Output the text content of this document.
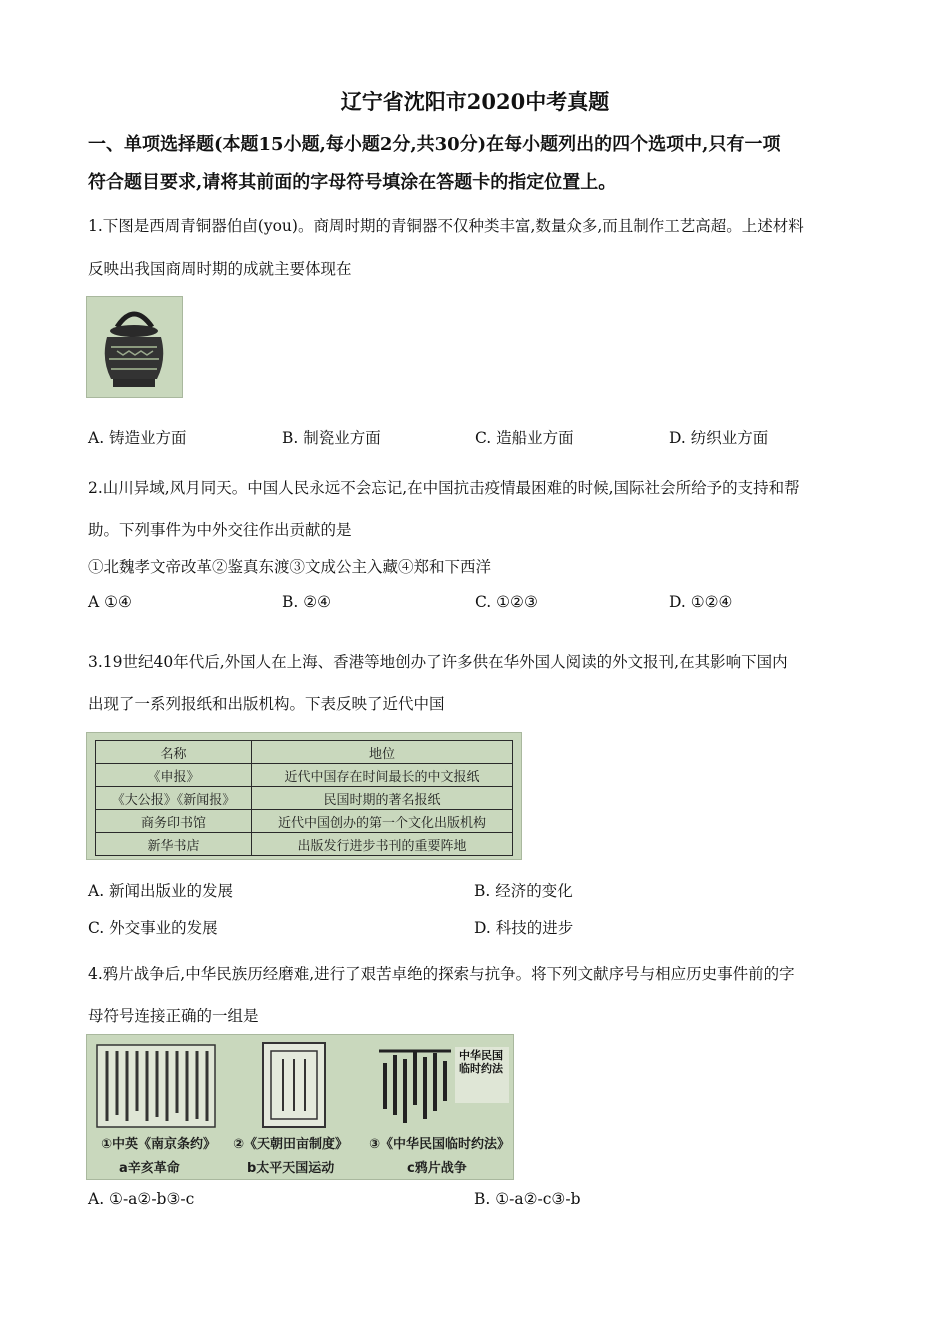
辽宁省沈阳市2020中考真题
一、单项选择题(本题15小题,每小题2分,共30分)在每小题列出的四个选项中,只有一项
符合题目要求,请将其前面的字母符号填涂在答题卡的指定位置上。
1.下图是西周青铜器伯卣(you)。商周时期的青铜器不仅种类丰富,数量众多,而且制作工艺高超。上述材料
反映出我国商周时期的成就主要体现在
A. 铸造业方面	B. 制瓷业方面	C. 造船业方面	D. 纺织业方面
2.山川异域,风月同天。中国人民永远不会忘记,在中国抗击疫情最困难的时候,国际社会所给予的支持和帮
助。下列事件为中外交往作出贡献的是
①北魏孝文帝改革②鉴真东渡③文成公主入藏④郑和下西洋
A ①④	B. ②④	C. ①②③	D. ①②④
3.19世纪40年代后,外国人在上海、香港等地创办了许多供在华外国人阅读的外文报刊,在其影响下国内
出现了一系列报纸和出版机构。下表反映了近代中国
名称	地位
《申报》	近代中国存在时间最长的中文报纸
《大公报》《新闻报》	民国时期的著名报纸
商务印书馆	近代中国创办的第一个文化出版机构
新华书店	出版发行进步书刊的重要阵地
A. 新闻出版业的发展	B. 经济的变化
C. 外交事业的发展	D. 科技的进步
4.鸦片战争后,中华民族历经磨难,进行了艰苦卓绝的探索与抗争。将下列文献序号与相应历史事件前的字
母符号连接正确的一组是
中华民国临时约法
①中英《南京条约》 ②《天朝田亩制度》 ③《中华民国临时约法》
a辛亥革命	b太平天国运动	c鸦片战争
A. ①-a②-b③-c	B. ①-a②-c③-b
